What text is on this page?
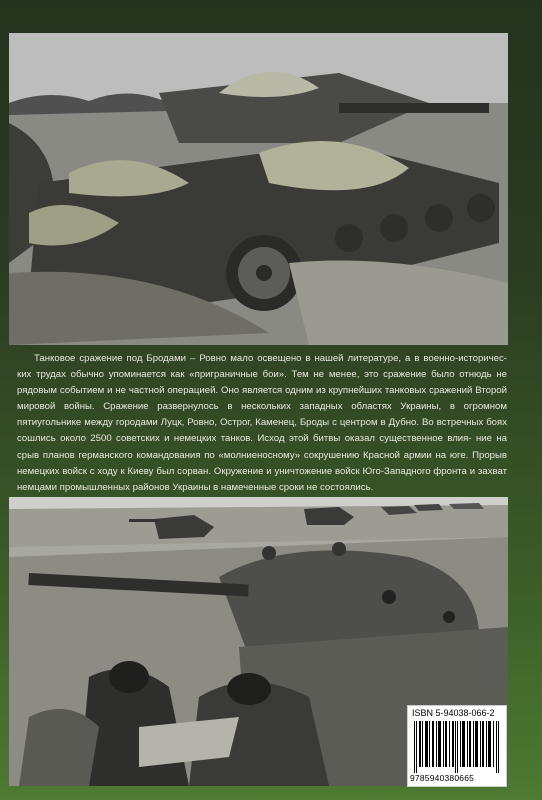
Танковое сражение под Бродами – Ровно мало освещено в нашей литературе, а в военно-историчес- ких трудах обычно упоминается как «приграничные бои». Тем не менее, это сражение было отнюдь не рядовым событием и не частной операцией. Оно является одним из крупнейших танковых сражений Второй мировой войны. Сражение развернулось в нескольких западных областях Украины, в огромном пятиугольнике между городами Луцк, Ровно, Острог, Каменец, Броды с центром в Дубно. Во встречных боях сошлись около 2500 советских и немецких танков. Исход этой битвы оказал существенное влия- ние на срыв планов германского командования по «молниеносному» сокрушению Красной армии на юге. Прорыв немецких войск с ходу к Киеву был сорван. Окружение и уничтожение войск Юго-Западного фронта и захват немцами промышленных районов Украины в намеченные сроки не состоялись.
ISBN 5-94038-066-2
9785940380665
